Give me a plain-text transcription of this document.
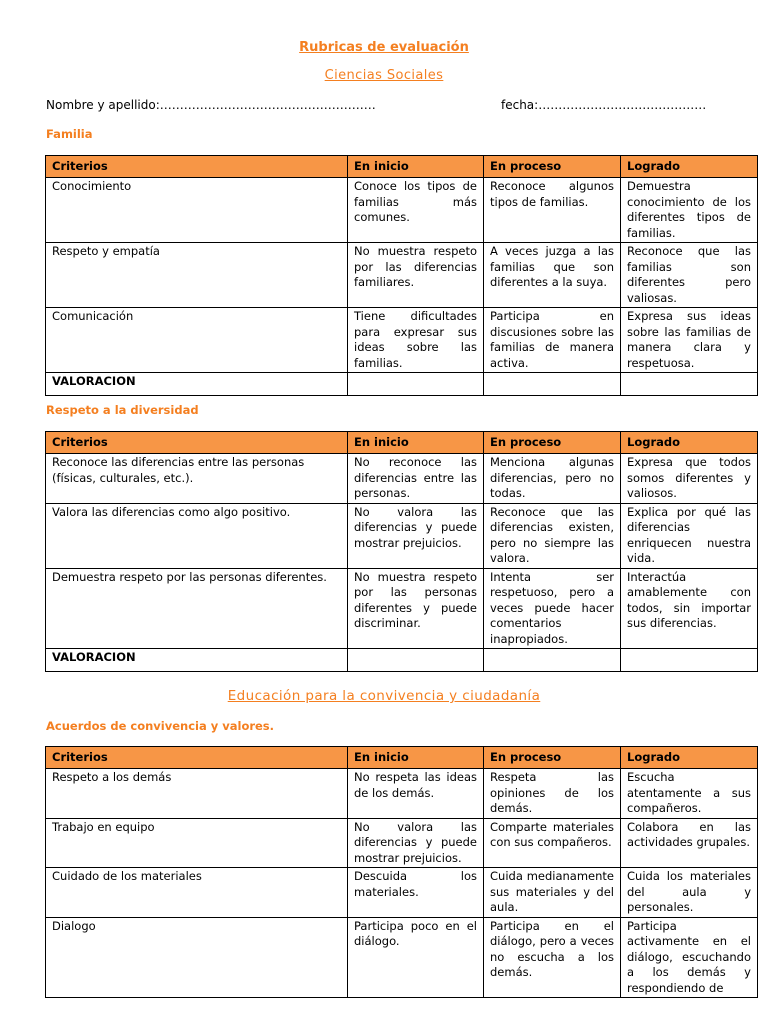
Rubricas de evaluación
Ciencias Sociales
Nombre y apellido:………………………………………………	fecha:……………………………………
Familia
Criterios	En inicio	En proceso	Logrado
Conocimiento	Conoce los tipos de familias más comunes.	Reconoce algunos tipos de familias.	Demuestra conocimiento de los diferentes tipos de familias.
Respeto y empatía	No muestra respeto por las diferencias familiares.	A veces juzga a las familias que son diferentes a la suya.	Reconoce que las familias son diferentes pero valiosas.
Comunicación	Tiene dificultades para expresar sus ideas sobre las familias.	Participa en discusiones sobre las familias de manera activa.	Expresa sus ideas sobre las familias de manera clara y respetuosa.
VALORACION			
Respeto a la diversidad
Criterios	En inicio	En proceso	Logrado
Reconoce las diferencias entre las personas (físicas, culturales, etc.).	No reconoce las diferencias entre las personas.	Menciona algunas diferencias, pero no todas.	Expresa que todos somos diferentes y valiosos.
Valora las diferencias como algo positivo.	No valora las diferencias y puede mostrar prejuicios.	Reconoce que las diferencias existen, pero no siempre las valora.	Explica por qué las diferencias enriquecen nuestra vida.
Demuestra respeto por las personas diferentes.	No muestra respeto por las personas diferentes y puede discriminar.	Intenta ser respetuoso, pero a veces puede hacer comentarios inapropiados.	Interactúa amablemente con todos, sin importar sus diferencias.
VALORACION			
Educación para la convivencia y ciudadanía
Acuerdos de convivencia y valores.
Criterios	En inicio	En proceso	Logrado
Respeto a los demás	No respeta las ideas de los demás.	Respeta las opiniones de los demás.	Escucha atentamente a sus compañeros.
Trabajo en equipo	No valora las diferencias y puede mostrar prejuicios.	Comparte materiales con sus compañeros.	Colabora en las actividades grupales.
Cuidado de los materiales	Descuida los materiales.	Cuida medianamente sus materiales y del aula.	Cuida los materiales del aula y personales.
Dialogo	Participa poco en el diálogo.	Participa en el diálogo, pero a veces no escucha a los demás.	Participa activamente en el diálogo, escuchando a los demás y respondiendo de
